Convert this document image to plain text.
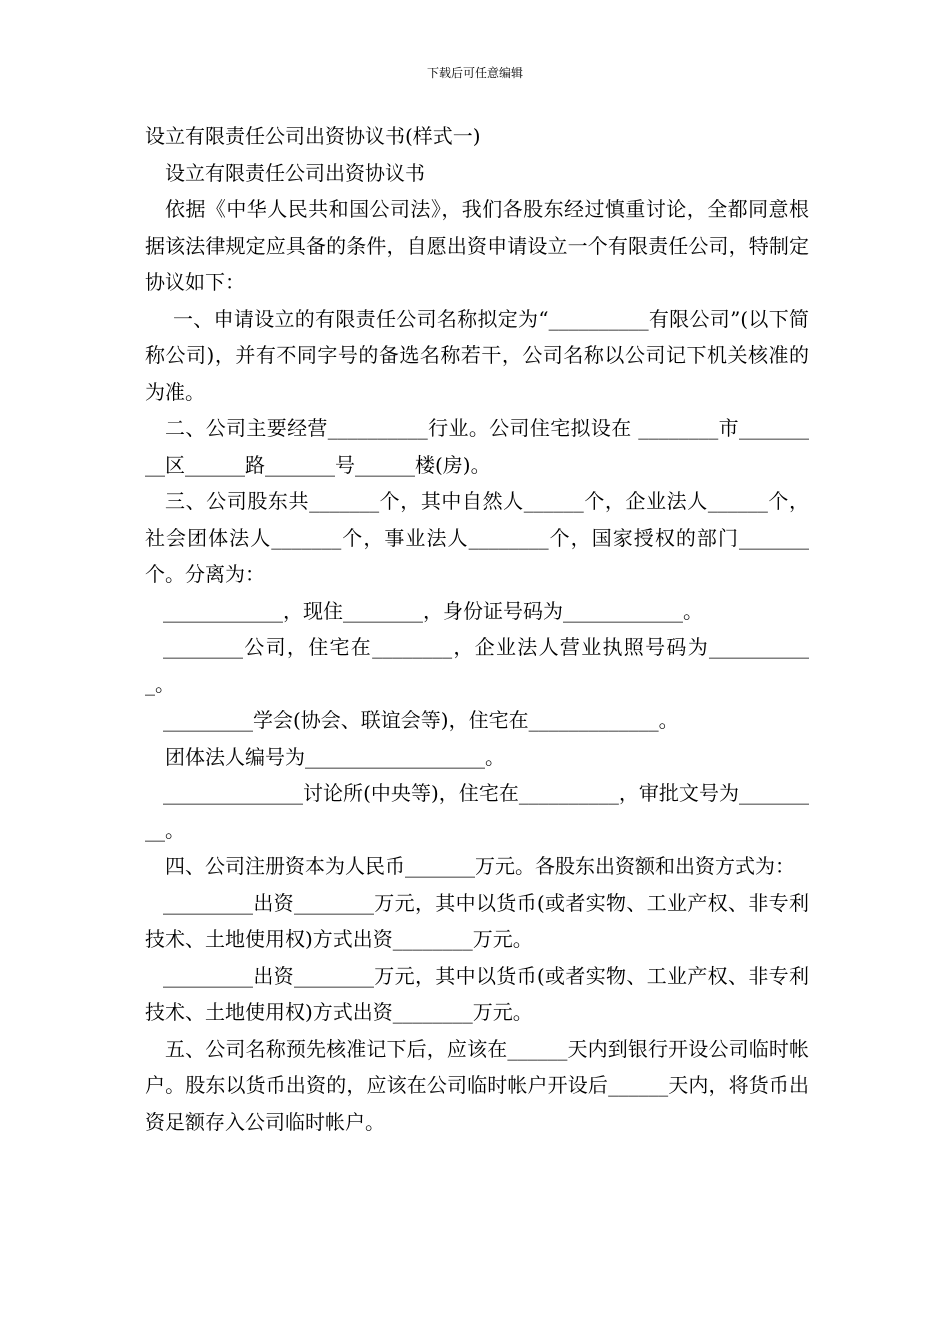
下载后可任意编辑

设立有限责任公司出资协议书(样式一)

设立有限责任公司出资协议书

依据《中华人民共和国公司法》，我们各股东经过慎重讨论，全都同意根据该法律规定应具备的条件，自愿出资申请设立一个有限责任公司，特制定协议如下：

一、申请设立的有限责任公司名称拟定为“__________有限公司”(以下简称公司)，并有不同字号的备选名称若干，公司名称以公司记下机关核准的为准。

二、公司主要经营__________行业。公司住宅拟设在 ________市_________区______路_______号______楼(房)。

三、公司股东共_______个，其中自然人______个，企业法人______个，社会团体法人_______个，事业法人________个，国家授权的部门_______个。分离为：

____________，现住________，身份证号码为____________。

________公司，住宅在________，企业法人营业执照号码为___________。

_________学会(协会、联谊会等)，住宅在_____________。

团体法人编号为__________________。

______________讨论所(中央等)，住宅在__________，审批文号为_________。

四、公司注册资本为人民币_______万元。各股东出资额和出资方式为：

_________出资________万元，其中以货币(或者实物、工业产权、非专利技术、土地使用权)方式出资________万元。

_________出资________万元，其中以货币(或者实物、工业产权、非专利技术、土地使用权)方式出资________万元。

五、公司名称预先核准记下后，应该在______天内到银行开设公司临时帐户。股东以货币出资的，应该在公司临时帐户开设后______天内，将货币出资足额存入公司临时帐户。
